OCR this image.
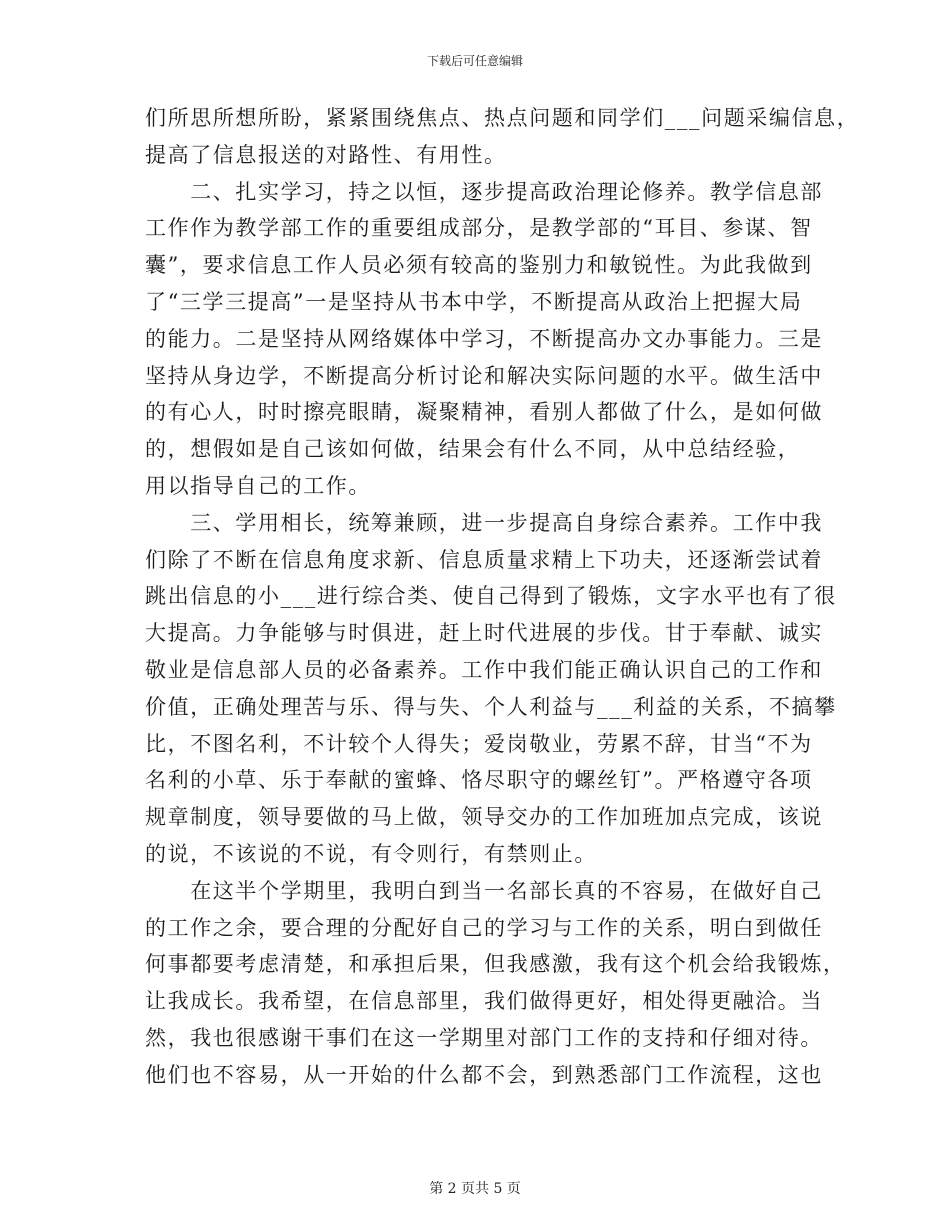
下载后可任意编辑
们所思所想所盼，紧紧围绕焦点、热点问题和同学们___问题采编信息，
提高了信息报送的对路性、有用性。
　　二、扎实学习，持之以恒，逐步提高政治理论修养。教学信息部
工作作为教学部工作的重要组成部分，是教学部的“耳目、参谋、智
囊”，要求信息工作人员必须有较高的鉴别力和敏锐性。为此我做到
了“三学三提高”一是坚持从书本中学，不断提高从政治上把握大局
的能力。二是坚持从网络媒体中学习，不断提高办文办事能力。三是
坚持从身边学，不断提高分析讨论和解决实际问题的水平。做生活中
的有心人，时时擦亮眼睛，凝聚精神，看别人都做了什么，是如何做
的，想假如是自己该如何做，结果会有什么不同，从中总结经验，
用以指导自己的工作。
　　三、学用相长，统筹兼顾，进一步提高自身综合素养。工作中我
们除了不断在信息角度求新、信息质量求精上下功夫，还逐渐尝试着
跳出信息的小___进行综合类、使自己得到了锻炼，文字水平也有了很
大提高。力争能够与时俱进，赶上时代进展的步伐。甘于奉献、诚实
敬业是信息部人员的必备素养。工作中我们能正确认识自己的工作和
价值，正确处理苦与乐、得与失、个人利益与___利益的关系，不搞攀
比，不图名利，不计较个人得失；爱岗敬业，劳累不辞，甘当“不为
名利的小草、乐于奉献的蜜蜂、恪尽职守的螺丝钉”。严格遵守各项
规章制度，领导要做的马上做，领导交办的工作加班加点完成，该说
的说，不该说的不说，有令则行，有禁则止。
　　在这半个学期里，我明白到当一名部长真的不容易，在做好自己
的工作之余，要合理的分配好自己的学习与工作的关系，明白到做任
何事都要考虑清楚，和承担后果，但我感激，我有这个机会给我锻炼，
让我成长。我希望，在信息部里，我们做得更好，相处得更融洽。当
然，我也很感谢干事们在这一学期里对部门工作的支持和仔细对待。
他们也不容易，从一开始的什么都不会，到熟悉部门工作流程，这也
第 2 页共 5 页
